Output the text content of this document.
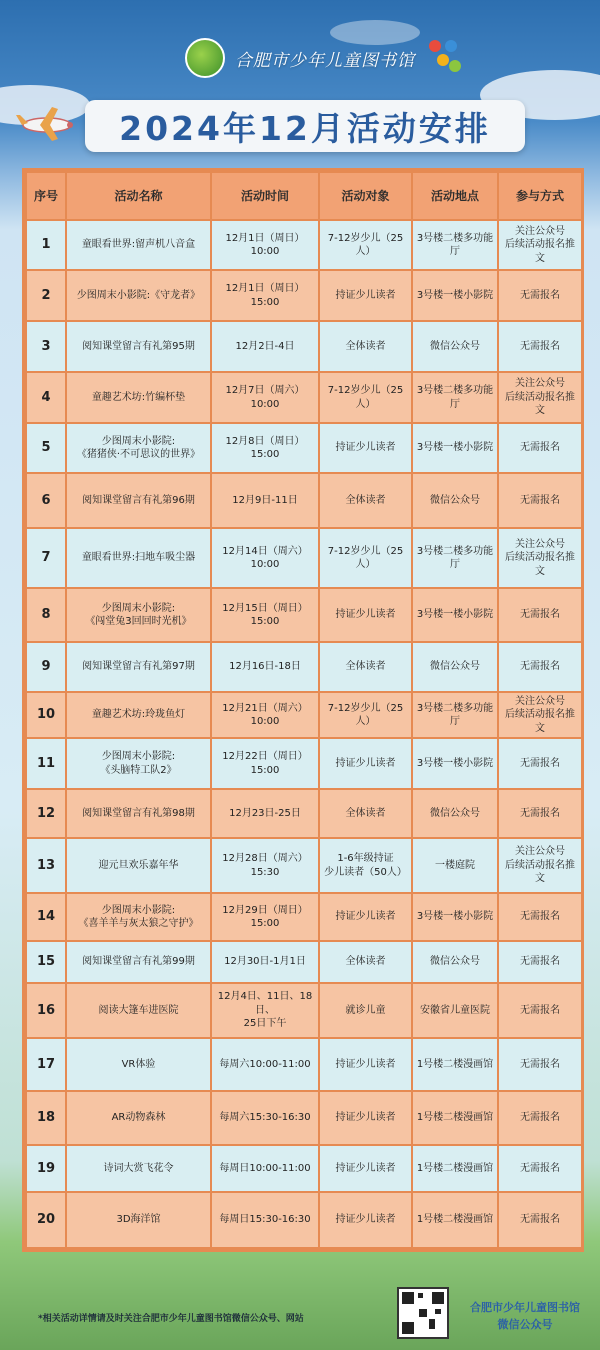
合肥市少年儿童图书馆
2024年12月活动安排
序号	活动名称	活动时间	活动对象	活动地点	参与方式
1	童眼看世界:留声机八音盒	12月1日（周日）10:00	7-12岁少儿（25人）	3号楼二楼多功能厅	关注公众号
后续活动报名推文
2	少图周末小影院:《守龙者》	12月1日（周日）15:00	持证少儿读者	3号楼一楼小影院	无需报名
3	阅知课堂留言有礼第95期	12月2日-4日	全体读者	微信公众号	无需报名
4	童趣艺术坊:竹编杯垫	12月7日（周六）10:00	7-12岁少儿（25人）	3号楼二楼多功能厅	关注公众号
后续活动报名推文
5	少图周末小影院:
《猪猪侠·不可思议的世界》	12月8日（周日）15:00	持证少儿读者	3号楼一楼小影院	无需报名
6	阅知课堂留言有礼第96期	12月9日-11日	全体读者	微信公众号	无需报名
7	童眼看世界:扫地车吸尘器	12月14日（周六）10:00	7-12岁少儿（25人）	3号楼二楼多功能厅	关注公众号
后续活动报名推文
8	少图周末小影院:
《闯堂兔3回回时光机》	12月15日（周日）15:00	持证少儿读者	3号楼一楼小影院	无需报名
9	阅知课堂留言有礼第97期	12月16日-18日	全体读者	微信公众号	无需报名
10	童趣艺术坊:玲珑鱼灯	12月21日（周六）10:00	7-12岁少儿（25人）	3号楼二楼多功能厅	关注公众号
后续活动报名推文
11	少图周末小影院:
《头脑特工队2》	12月22日（周日）15:00	持证少儿读者	3号楼一楼小影院	无需报名
12	阅知课堂留言有礼第98期	12月23日-25日	全体读者	微信公众号	无需报名
13	迎元旦欢乐嘉年华	12月28日（周六）15:30	1-6年级持证
少儿读者（50人）	一楼庭院	关注公众号
后续活动报名推文
14	少图周末小影院:
《喜羊羊与灰太狼之守护》	12月29日（周日）15:00	持证少儿读者	3号楼一楼小影院	无需报名
15	阅知课堂留言有礼第99期	12月30日-1月1日	全体读者	微信公众号	无需报名
16	阅读大篷车进医院	12月4日、11日、18日、
25日下午	就诊儿童	安徽省儿童医院	无需报名
17	VR体验	每周六10:00-11:00	持证少儿读者	1号楼二楼漫画馆	无需报名
18	AR动物森林	每周六15:30-16:30	持证少儿读者	1号楼二楼漫画馆	无需报名
19	诗词大赏飞花令	每周日10:00-11:00	持证少儿读者	1号楼二楼漫画馆	无需报名
20	3D海洋馆	每周日15:30-16:30	持证少儿读者	1号楼二楼漫画馆	无需报名
*相关活动详情请及时关注合肥市少年儿童图书馆微信公众号、网站
合肥市少年儿童图书馆
微信公众号
